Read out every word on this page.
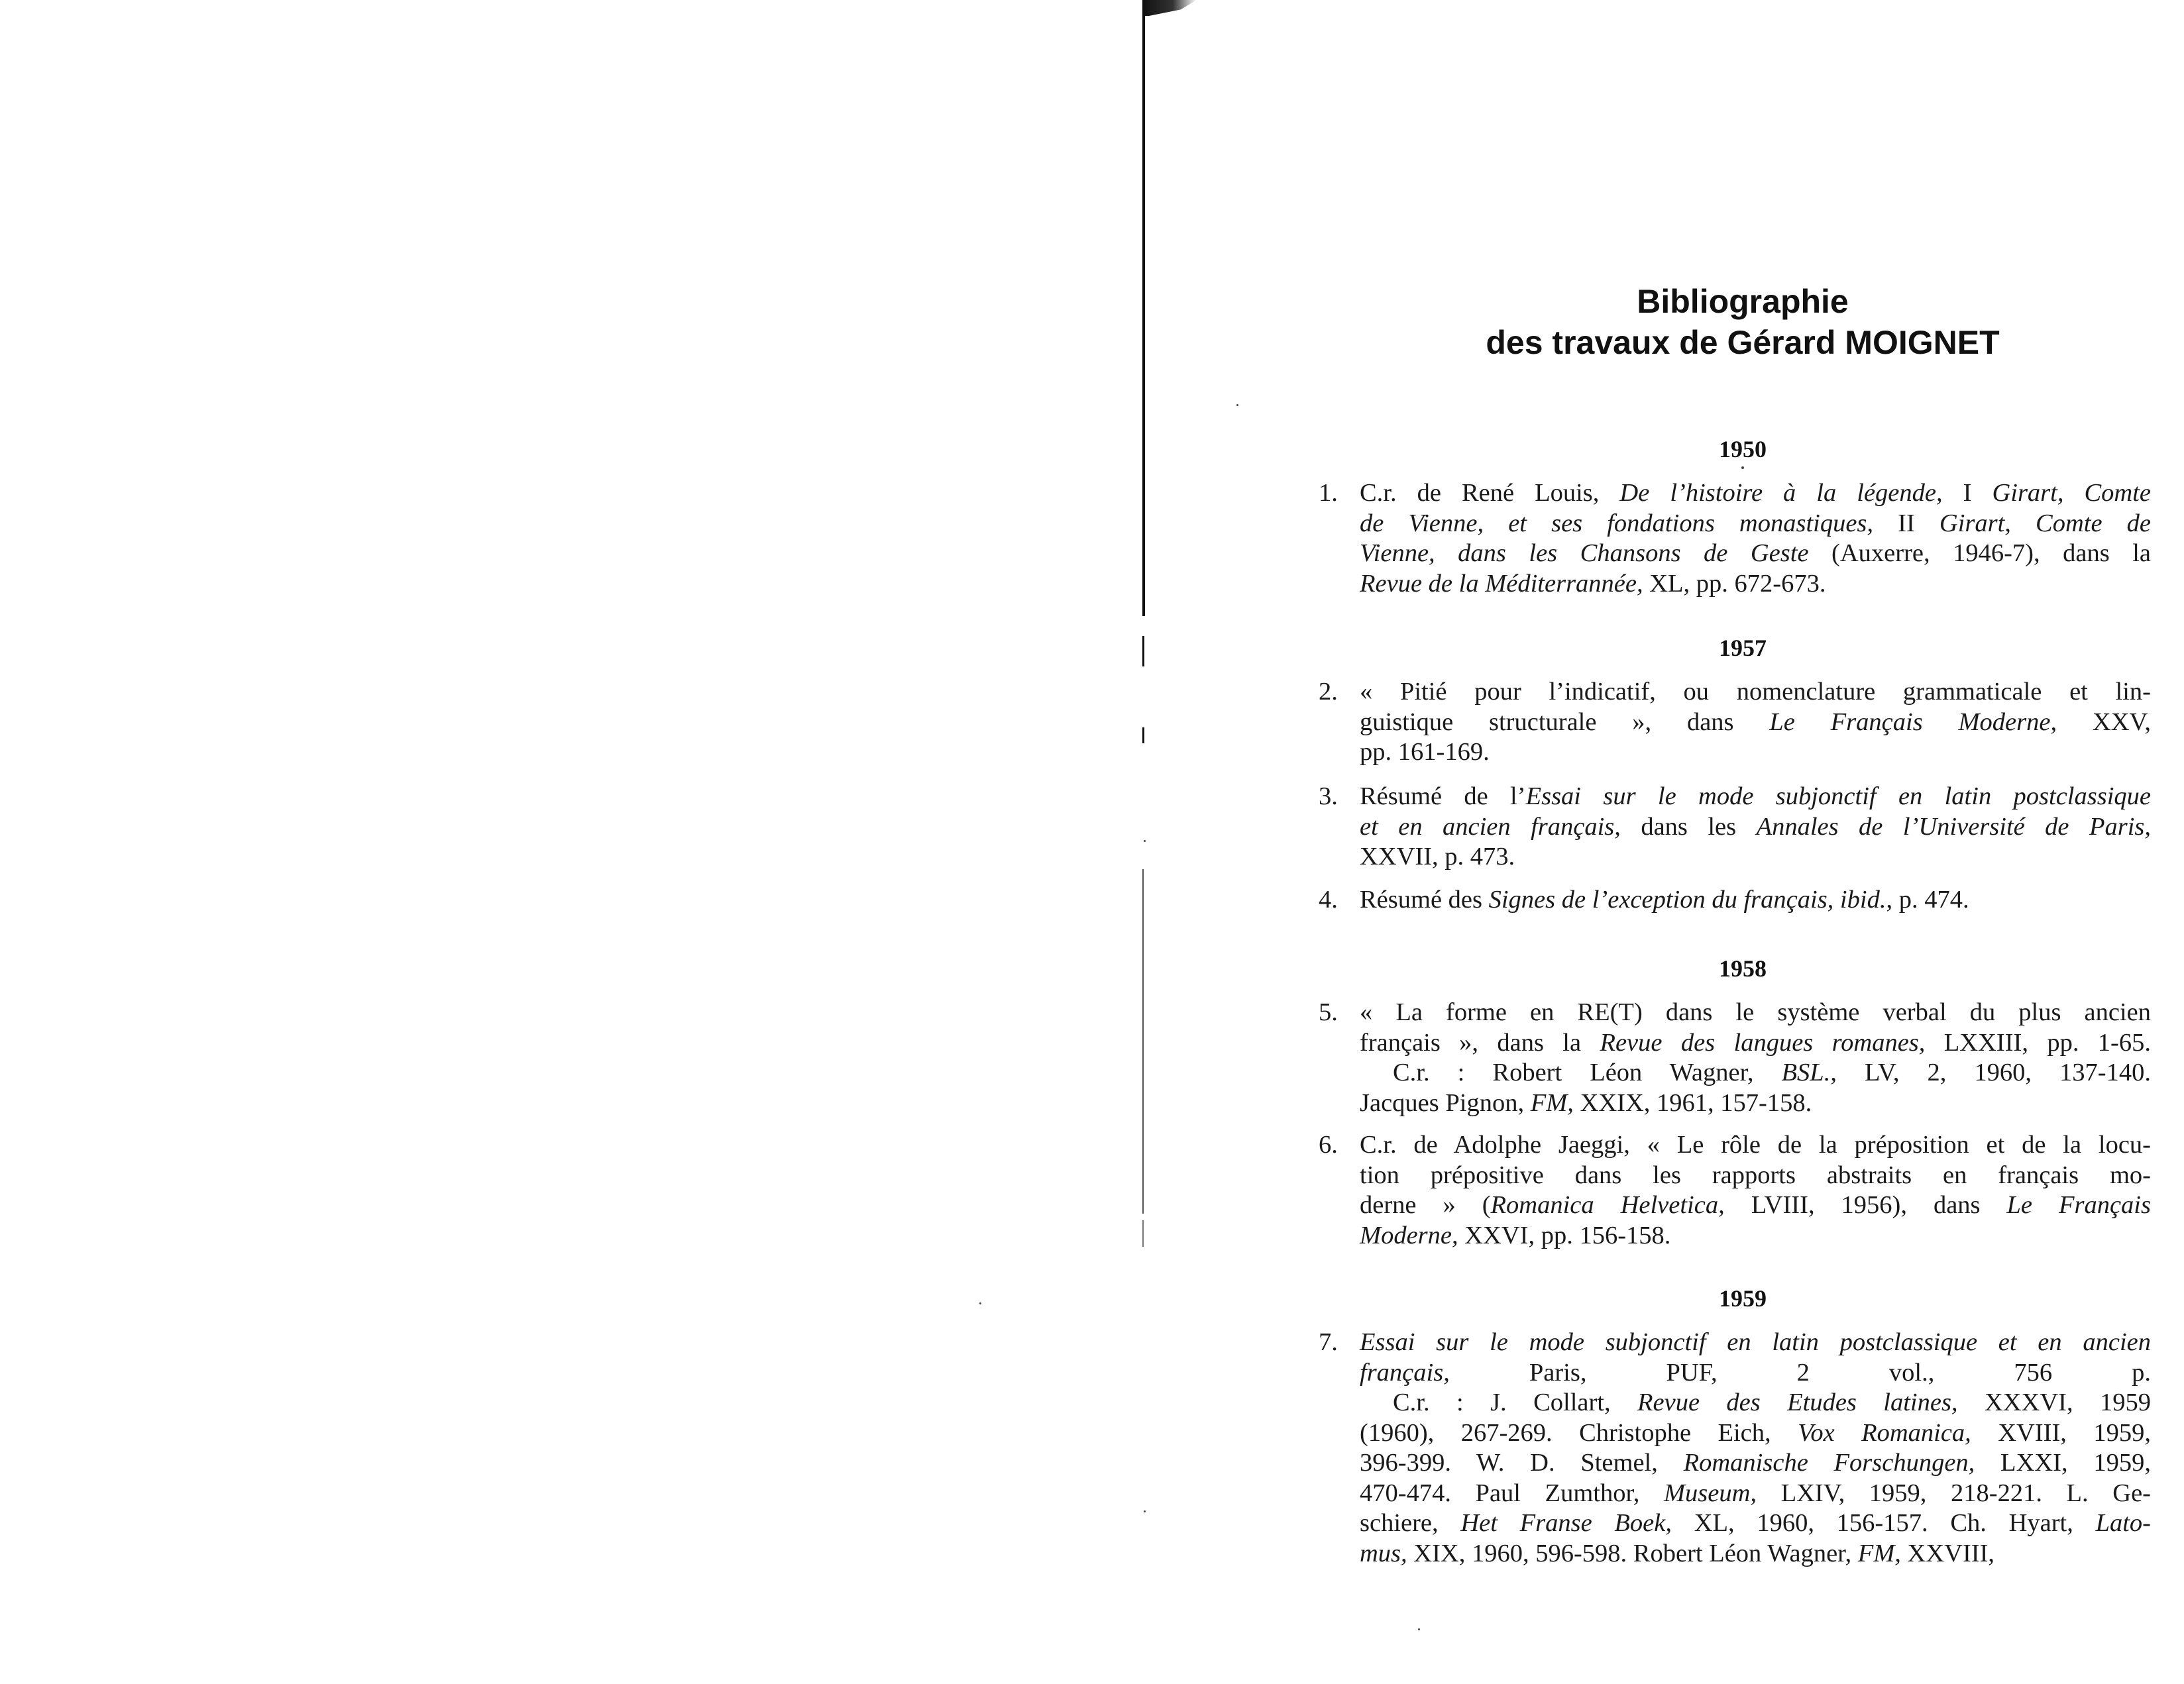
Bibliographie
des travaux de Gérard MOIGNET
1950
1957
1958
1959
1. C.r. de René Louis, De l’histoire à la légende, I Girart, Comte
de Vienne, et ses fondations monastiques, II Girart, Comte de
Vienne, dans les Chansons de Geste (Auxerre, 1946-7), dans la
Revue de la Méditerrannée, XL, pp. 672-673.
2. « Pitié pour l’indicatif, ou nomenclature grammaticale et lin-
guistique structurale », dans Le Français Moderne, XXV,
pp. 161-169.
3. Résumé de l’Essai sur le mode subjonctif en latin postclassique
et en ancien français, dans les Annales de l’Université de Paris,
XXVII, p. 473.
4. Résumé des Signes de l’exception du français, ibid., p. 474.
5. « La forme en RE(T) dans le système verbal du plus ancien
français », dans la Revue des langues romanes, LXXIII, pp. 1-65.
C.r. : Robert Léon Wagner, BSL., LV, 2, 1960, 137-140.
Jacques Pignon, FM, XXIX, 1961, 157-158.
6. C.r. de Adolphe Jaeggi, « Le rôle de la préposition et de la locu-
tion prépositive dans les rapports abstraits en français mo-
derne » (Romanica Helvetica, LVIII, 1956), dans Le Français
Moderne, XXVI, pp. 156-158.
7. Essai sur le mode subjonctif en latin postclassique et en ancien
français, Paris, PUF, 2 vol., 756 p.
C.r. : J. Collart, Revue des Etudes latines, XXXVI, 1959
(1960), 267-269. Christophe Eich, Vox Romanica, XVIII, 1959,
396-399. W. D. Stemel, Romanische Forschungen, LXXI, 1959,
470-474. Paul Zumthor, Museum, LXIV, 1959, 218-221. L. Ge-
schiere, Het Franse Boek, XL, 1960, 156-157. Ch. Hyart, Lato-
mus, XIX, 1960, 596-598. Robert Léon Wagner, FM, XXVIII,
